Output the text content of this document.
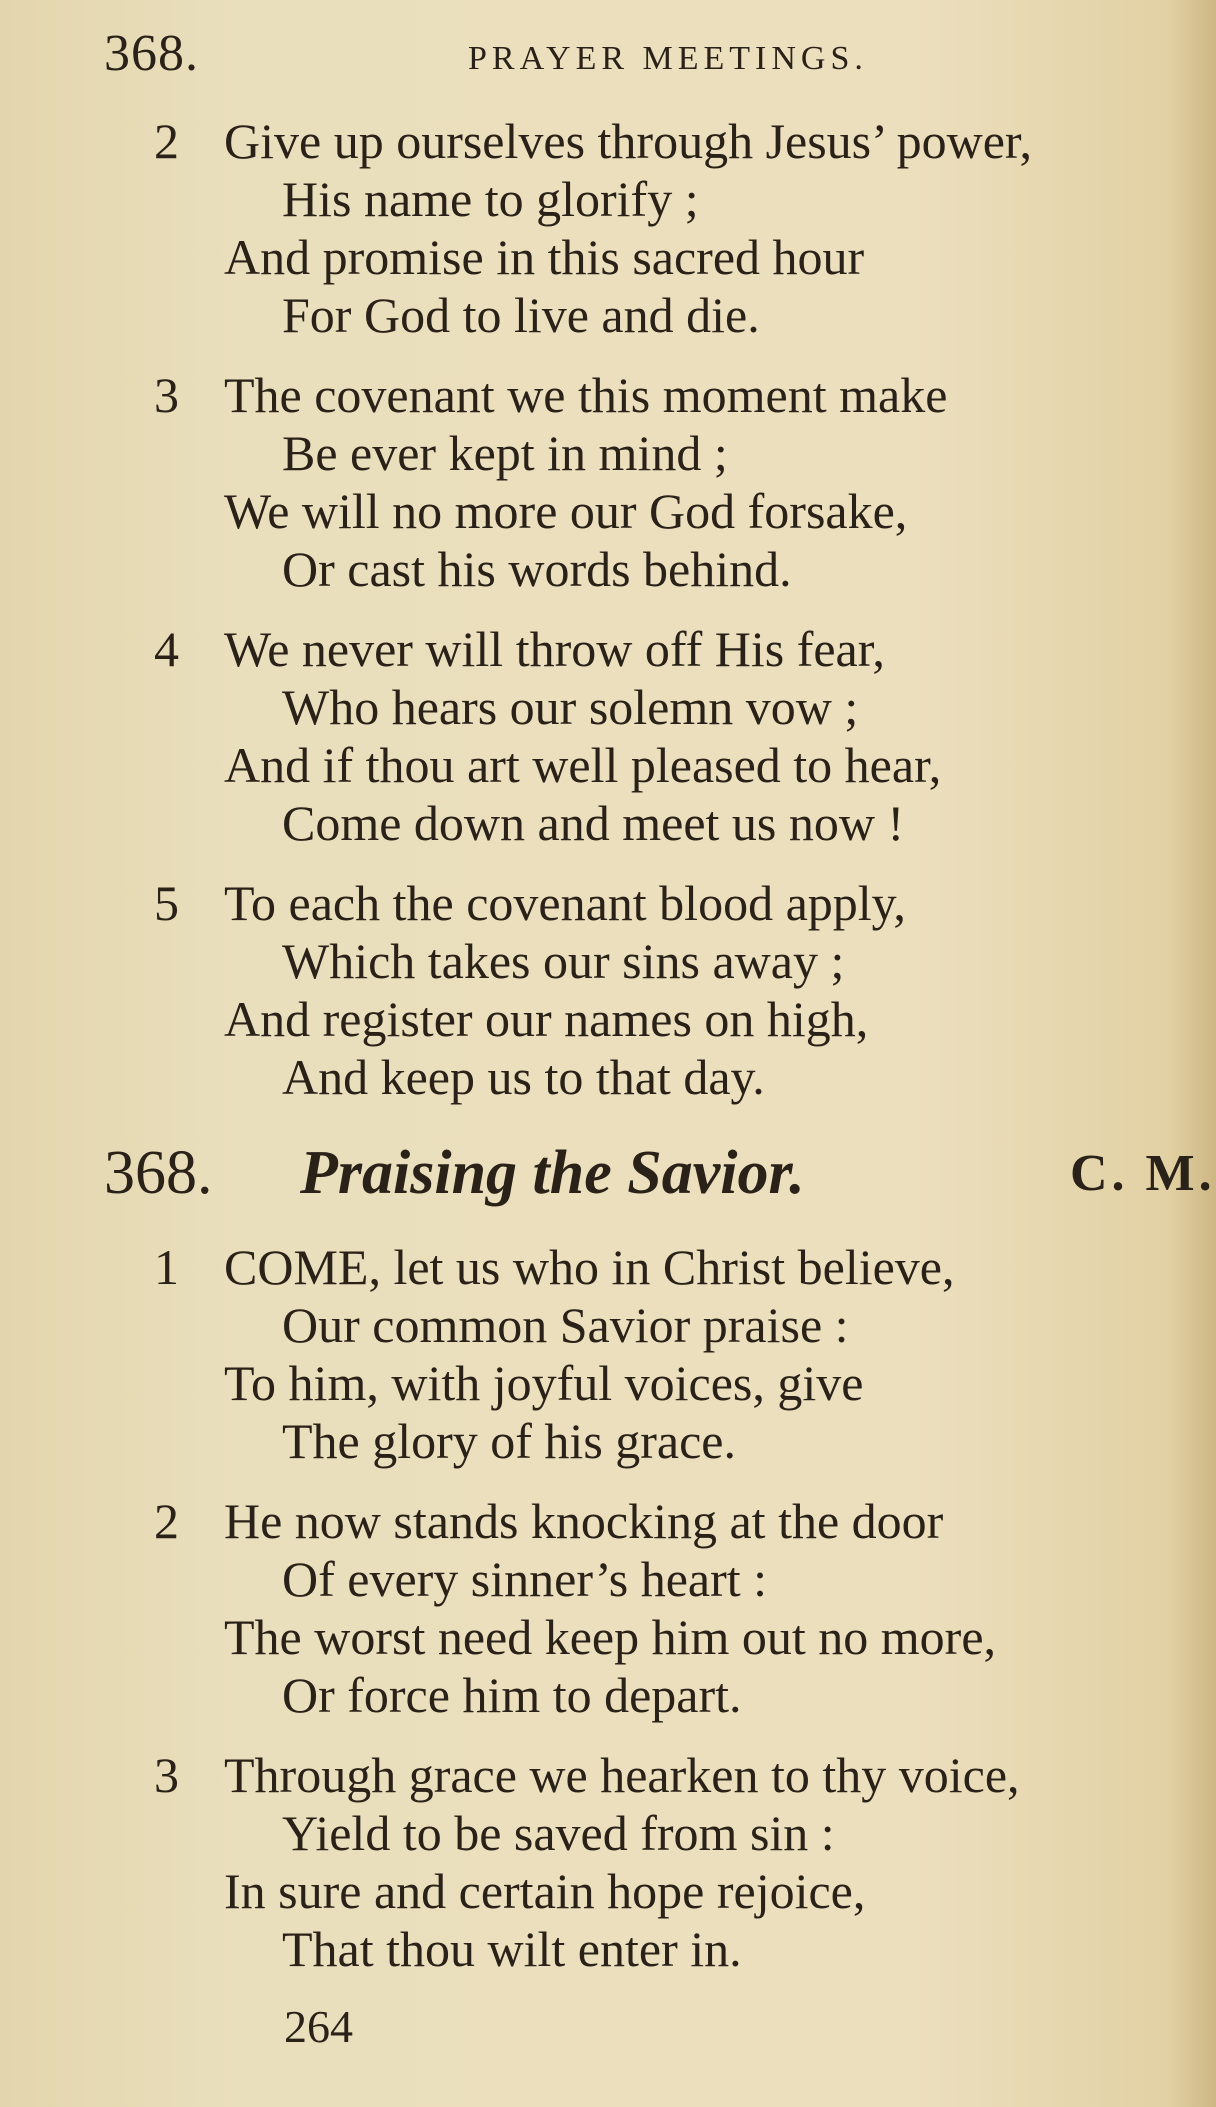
368.	PRAYER MEETINGS.
2 Give up ourselves through Jesus’ power,
His name to glorify ;
And promise in this sacred hour
For God to live and die.
3 The covenant we this moment make
Be ever kept in mind ;
We will no more our God forsake,
Or cast his words behind.
4 We never will throw off His fear,
Who hears our solemn vow ;
And if thou art well pleased to hear,
Come down and meet us now !
5 To each the covenant blood apply,
Which takes our sins away ;
And register our names on high,
And keep us to that day.
368. Praising the Savior.	C. M.
1 COME, let us who in Christ believe,
Our common Savior praise :
To him, with joyful voices, give
The glory of his grace.
2 He now stands knocking at the door
Of every sinner’s heart :
The worst need keep him out no more,
Or force him to depart.
3 Through grace we hearken to thy voice,
Yield to be saved from sin :
In sure and certain hope rejoice,
That thou wilt enter in.
264
